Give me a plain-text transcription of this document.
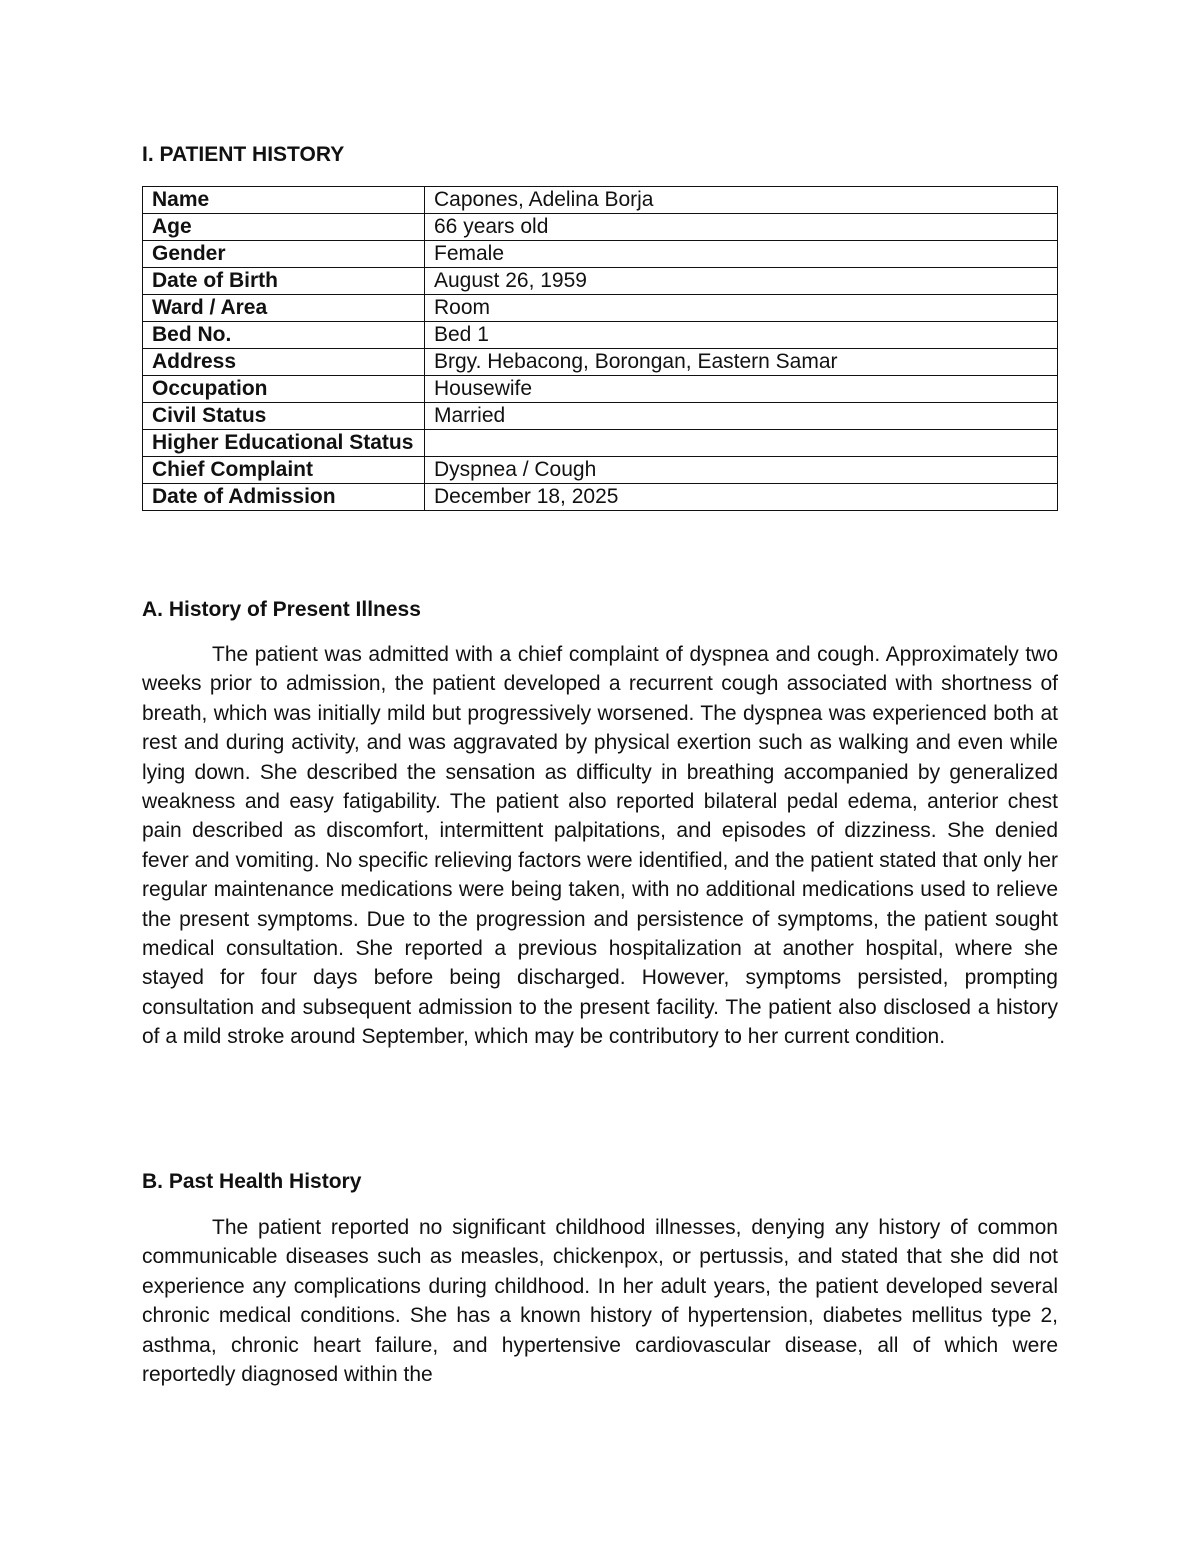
I. PATIENT HISTORY
Name	Capones, Adelina Borja
Age	66 years old
Gender	Female
Date of Birth	August 26, 1959
Ward / Area	Room
Bed No.	Bed 1
Address	Brgy. Hebacong, Borongan, Eastern Samar
Occupation	Housewife
Civil Status	Married
Higher Educational Status	
Chief Complaint	Dyspnea / Cough
Date of Admission	December 18, 2025
A. History of Present Illness

The patient was admitted with a chief complaint of dyspnea and cough. Approximately two weeks prior to admission, the patient developed a recurrent cough associated with shortness of breath, which was initially mild but progressively worsened. The dyspnea was experienced both at rest and during activity, and was aggravated by physical exertion such as walking and even while lying down. She described the sensation as difficulty in breathing accompanied by generalized weakness and easy fatigability. The patient also reported bilateral pedal edema, anterior chest pain described as discomfort, intermittent palpitations, and episodes of dizziness. She denied fever and vomiting. No specific relieving factors were identified, and the patient stated that only her regular maintenance medications were being taken, with no additional medications used to relieve the present symptoms. Due to the progression and persistence of symptoms, the patient sought medical consultation. She reported a previous hospitalization at another hospital, where she stayed for four days before being discharged. However, symptoms persisted, prompting consultation and subsequent admission to the present facility. The patient also disclosed a history of a mild stroke around September, which may be contributory to her current condition.

B. Past Health History

The patient reported no significant childhood illnesses, denying any history of common communicable diseases such as measles, chickenpox, or pertussis, and stated that she did not experience any complications during childhood. In her adult years, the patient developed several chronic medical conditions. She has a known history of hypertension, diabetes mellitus type 2, asthma, chronic heart failure, and hypertensive cardiovascular disease, all of which were reportedly diagnosed within the
